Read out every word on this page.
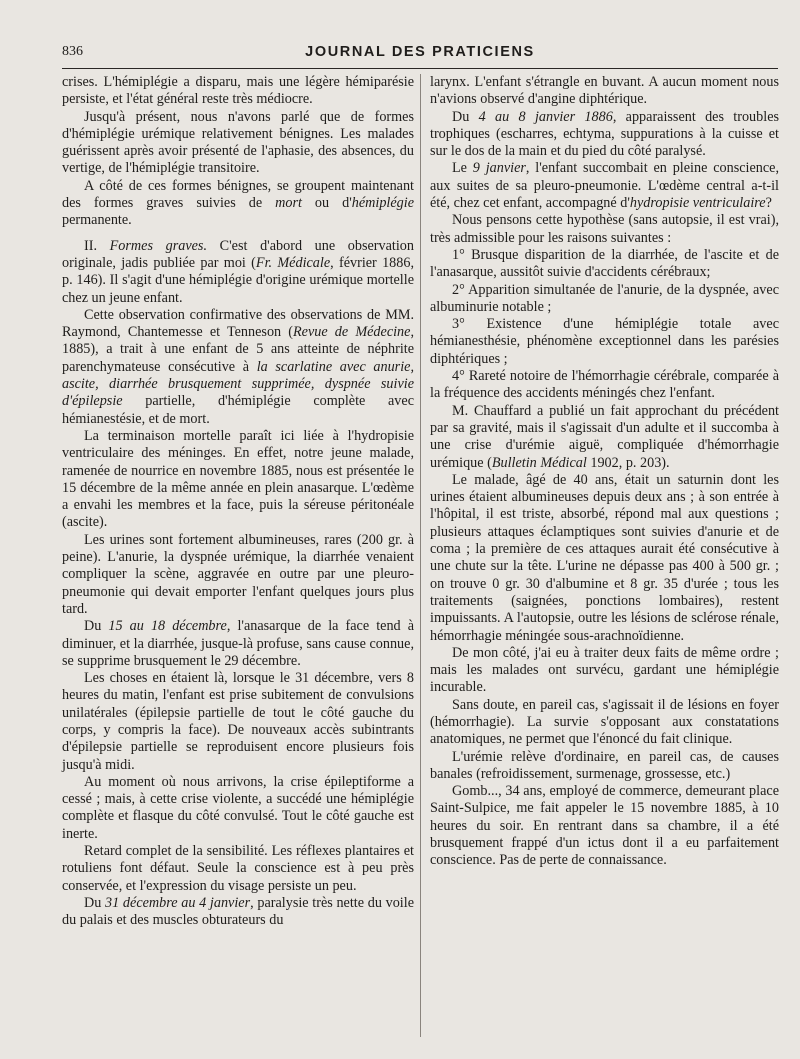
836	JOURNAL DES PRATICIENS

crises. L'hémiplégie a disparu, mais une légère hémiparésie persiste, et l'état général reste très médiocre.

Jusqu'à présent, nous n'avons parlé que de formes d'hémiplégie urémique relativement bénignes. Les malades guérissent après avoir présenté de l'aphasie, des absences, du vertige, de l'hémiplégie transitoire.

A côté de ces formes bénignes, se groupent maintenant des formes graves suivies de mort ou d'hémiplégie permanente.

II. Formes graves. C'est d'abord une observation originale, jadis publiée par moi (Fr. Médicale, février 1886, p. 146). Il s'agit d'une hémiplégie d'origine urémique mortelle chez un jeune enfant.

Cette observation confirmative des observations de MM. Raymond, Chantemesse et Tenneson (Revue de Médecine, 1885), a trait à une enfant de 5 ans atteinte de néphrite parenchymateuse consécutive à la scarlatine avec anurie, ascite, diarrhée brusquement supprimée, dyspnée suivie d'épilepsie partielle, d'hémiplégie complète avec hémianestésie, et de mort.

La terminaison mortelle paraît ici liée à l'hydropisie ventriculaire des méninges. En effet, notre jeune malade, ramenée de nourrice en novembre 1885, nous est présentée le 15 décembre de la même année en plein anasarque. L'œdème a envahi les membres et la face, puis la séreuse péritonéale (ascite).

Les urines sont fortement albumineuses, rares (200 gr. à peine). L'anurie, la dyspnée urémique, la diarrhée venaient compliquer la scène, aggravée en outre par une pleuro-pneumonie qui devait emporter l'enfant quelques jours plus tard.

Du 15 au 18 décembre, l'anasarque de la face tend à diminuer, et la diarrhée, jusque-là profuse, sans cause connue, se supprime brusquement le 29 décembre.

Les choses en étaient là, lorsque le 31 décembre, vers 8 heures du matin, l'enfant est prise subitement de convulsions unilatérales (épilepsie partielle de tout le côté gauche du corps, y compris la face). De nouveaux accès subintrants d'épilepsie partielle se reproduisent encore plusieurs fois jusqu'à midi.

Au moment où nous arrivons, la crise épileptiforme a cessé ; mais, à cette crise violente, a succédé une hémiplégie complète et flasque du côté convulsé. Tout le côté gauche est inerte.

Retard complet de la sensibilité. Les réflexes plantaires et rotuliens font défaut. Seule la conscience est à peu près conservée, et l'expression du visage persiste un peu.

Du 31 décembre au 4 janvier, paralysie très nette du voile du palais et des muscles obturateurs du

larynx. L'enfant s'étrangle en buvant. A aucun moment nous n'avions observé d'angine diphtérique.

Du 4 au 8 janvier 1886, apparaissent des troubles trophiques (escharres, echtyma, suppurations à la cuisse et sur le dos de la main et du pied du côté paralysé.

Le 9 janvier, l'enfant succombait en pleine conscience, aux suites de sa pleuro-pneumonie. L'œdème central a-t-il été, chez cet enfant, accompagné d'hydropisie ventriculaire?

Nous pensons cette hypothèse (sans autopsie, il est vrai), très admissible pour les raisons suivantes :

1° Brusque disparition de la diarrhée, de l'ascite et de l'anasarque, aussitôt suivie d'accidents cérébraux;

2° Apparition simultanée de l'anurie, de la dyspnée, avec albuminurie notable ;

3° Existence d'une hémiplégie totale avec hémianesthésie, phénomène exceptionnel dans les parésies diphtériques ;

4° Rareté notoire de l'hémorrhagie cérébrale, comparée à la fréquence des accidents méningés chez l'enfant.

M. Chauffard a publié un fait approchant du précédent par sa gravité, mais il s'agissait d'un adulte et il succomba à une crise d'urémie aiguë, compliquée d'hémorrhagie urémique (Bulletin Médical 1902, p. 203).

Le malade, âgé de 40 ans, était un saturnin dont les urines étaient albumineuses depuis deux ans ; à son entrée à l'hôpital, il est triste, absorbé, répond mal aux questions ; plusieurs attaques éclamptiques sont suivies d'anurie et de coma ; la première de ces attaques aurait été consécutive à une chute sur la tête. L'urine ne dépasse pas 400 à 500 gr. ; on trouve 0 gr. 30 d'albumine et 8 gr. 35 d'urée ; tous les traitements (saignées, ponctions lombaires), restent impuissants. A l'autopsie, outre les lésions de sclérose rénale, hémorrhagie méningée sous-arachnoïdienne.

De mon côté, j'ai eu à traiter deux faits de même ordre ; mais les malades ont survécu, gardant une hémiplégie incurable.

Sans doute, en pareil cas, s'agissait il de lésions en foyer (hémorrhagie). La survie s'opposant aux constatations anatomiques, ne permet que l'énoncé du fait clinique.

L'urémie relève d'ordinaire, en pareil cas, de causes banales (refroidissement, surmenage, grossesse, etc.)

Gomb..., 34 ans, employé de commerce, demeurant place Saint-Sulpice, me fait appeler le 15 novembre 1885, à 10 heures du soir. En rentrant dans sa chambre, il a été brusquement frappé d'un ictus dont il a eu parfaitement conscience. Pas de perte de connaissance.
